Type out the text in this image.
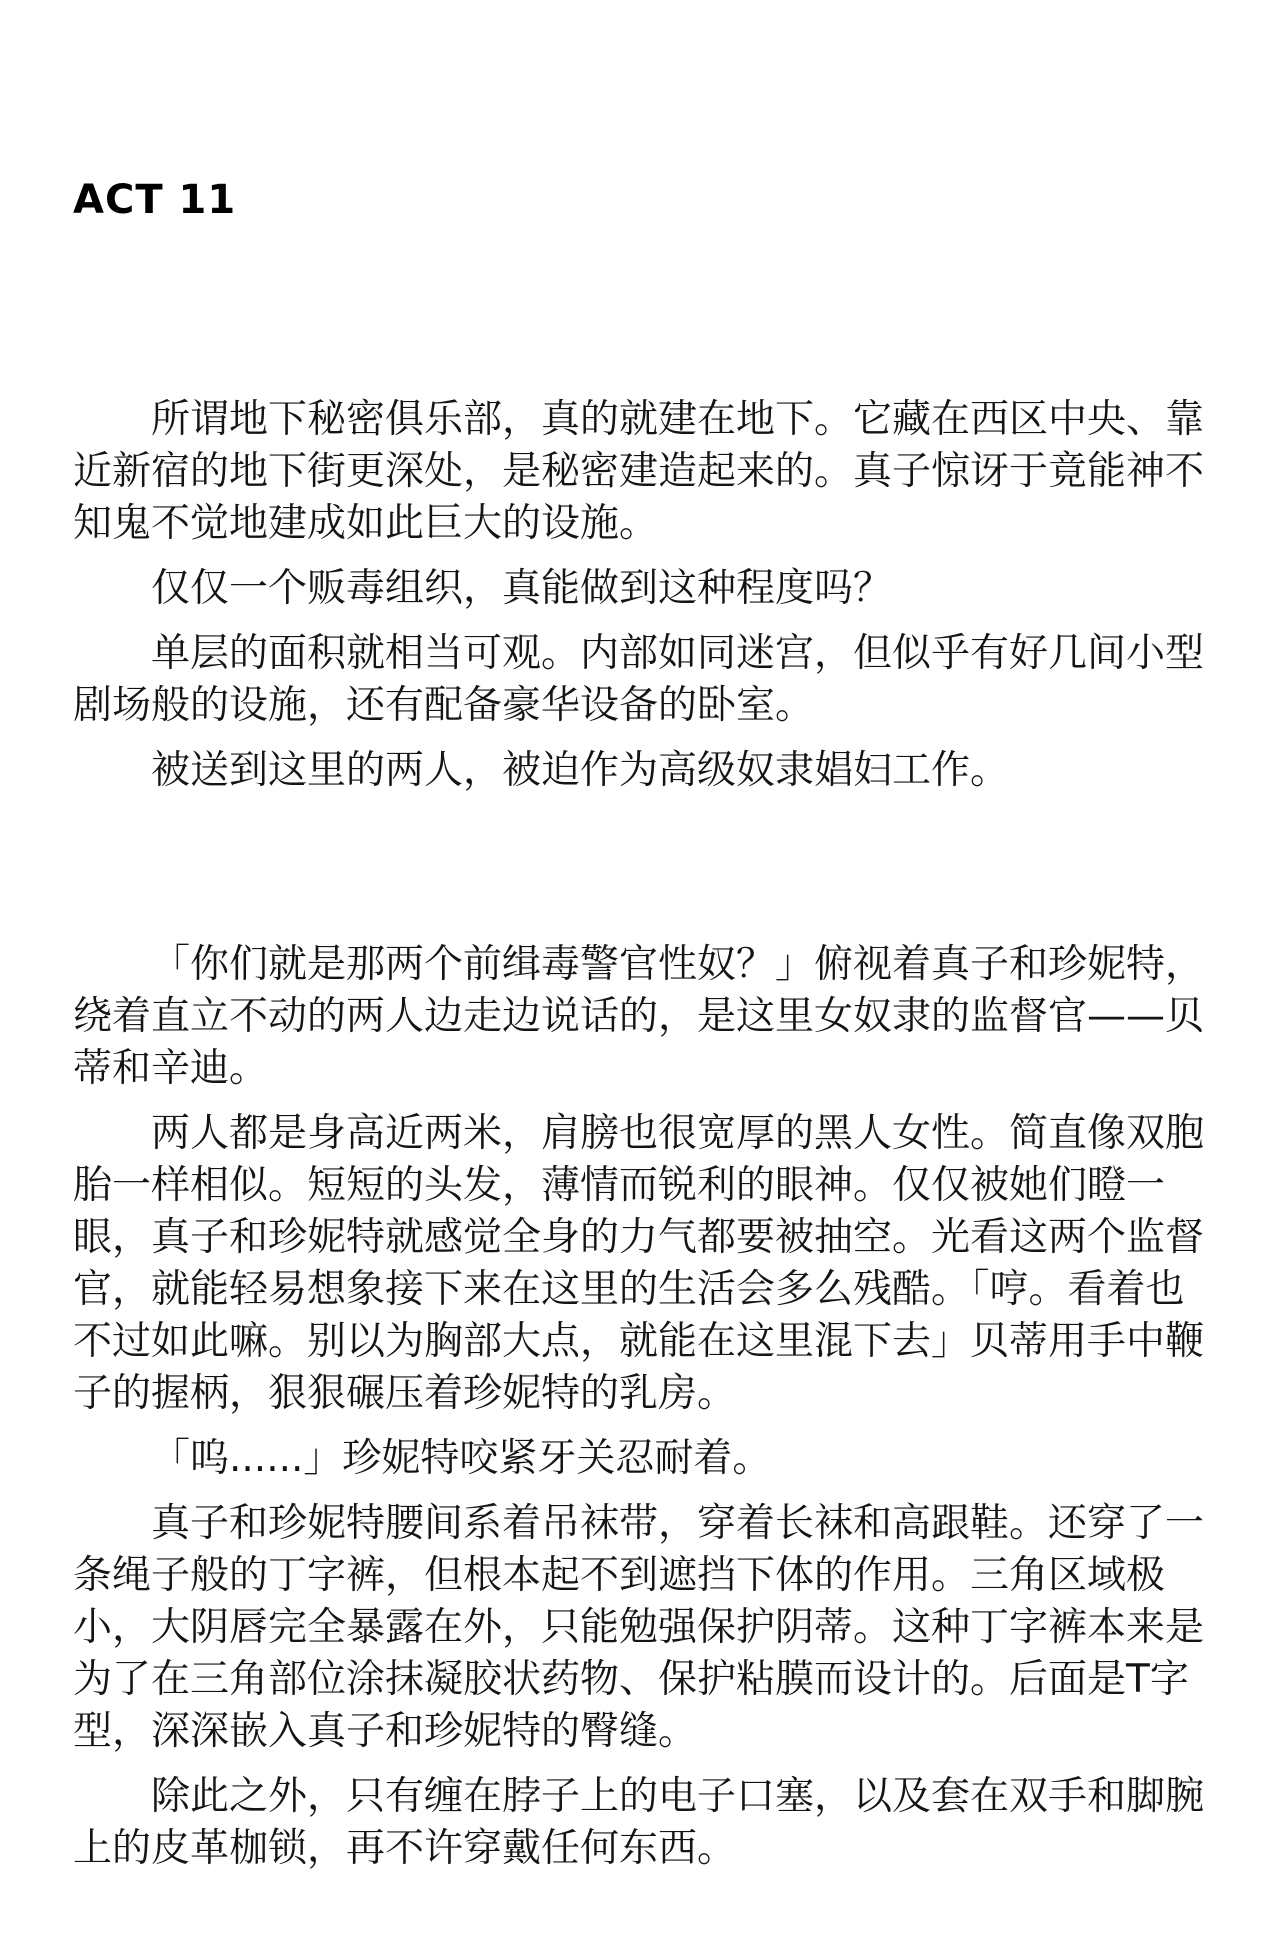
ACT 11

所谓地下秘密俱乐部，真的就建在地下。它藏在西区中央、靠
近新宿的地下街更深处，是秘密建造起来的。真子惊讶于竟能神不
知鬼不觉地建成如此巨大的设施。

仅仅一个贩毒组织，真能做到这种程度吗？

单层的面积就相当可观。内部如同迷宫，但似乎有好几间小型
剧场般的设施，还有配备豪华设备的卧室。

被送到这里的两人，被迫作为高级奴隶娼妇工作。

「你们就是那两个前缉毒警官性奴？」俯视着真子和珍妮特，
绕着直立不动的两人边走边说话的，是这里女奴隶的监督官——贝
蒂和辛迪。

两人都是身高近两米，肩膀也很宽厚的黑人女性。简直像双胞
胎一样相似。短短的头发，薄情而锐利的眼神。仅仅被她们瞪一
眼，真子和珍妮特就感觉全身的力气都要被抽空。光看这两个监督
官，就能轻易想象接下来在这里的生活会多么残酷。「哼。看着也
不过如此嘛。别以为胸部大点，就能在这里混下去」贝蒂用手中鞭
子的握柄，狠狠碾压着珍妮特的乳房。

「呜......」珍妮特咬紧牙关忍耐着。

真子和珍妮特腰间系着吊袜带，穿着长袜和高跟鞋。还穿了一
条绳子般的丁字裤，但根本起不到遮挡下体的作用。三角区域极
小，大阴唇完全暴露在外，只能勉强保护阴蒂。这种丁字裤本来是
为了在三角部位涂抹凝胶状药物、保护粘膜而设计的。后面是T字
型，深深嵌入真子和珍妮特的臀缝。

除此之外，只有缠在脖子上的电子口塞，以及套在双手和脚腕
上的皮革枷锁，再不许穿戴任何东西。
